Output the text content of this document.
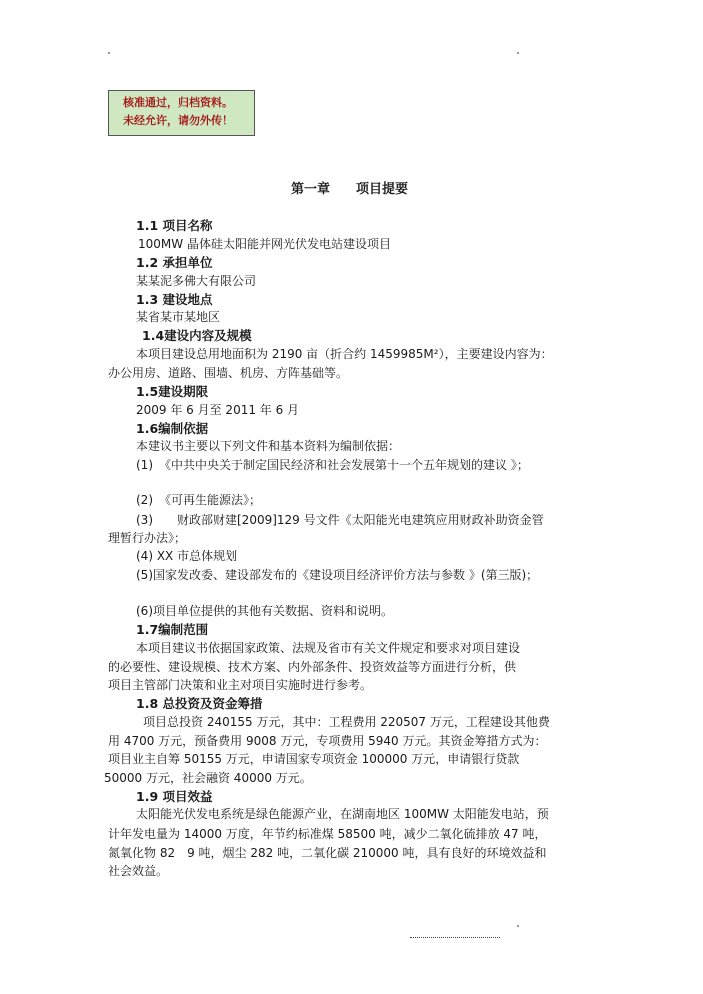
核准通过，归档资料。
未经允许，请勿外传！
第一章　　项目提要
1.1 项目名称
100MW 晶体硅太阳能并网光伏发电站建设项目
1.2 承担单位
某某泥多佛大有限公司
1.3 建设地点
某省某市某地区
1.4建设内容及规模
本项目建设总用地面积为 2190 亩（折合约 1459985M²），主要建设内容为：
办公用房、道路、围墙、机房、方阵基础等。
1.5建设期限
2009 年 6 月至 2011 年 6 月
1.6编制依据
本建议书主要以下列文件和基本资料为编制依据：
(1)　《中共中央关于制定国民经济和社会发展第十一个五年规划的建议 》；
(2)　《可再生能源法》；
(3)　　财政部财建[2009]129 号文件《太阳能光电建筑应用财政补助资金管
理暂行办法》；
(4) XX 市总体规划
(5)国家发改委、建设部发布的《建设项目经济评价方法与参数 》(第三版)；
(6)项目单位提供的其他有关数据、资料和说明。
1.7编制范围
本项目建议书依据国家政策、法规及省市有关文件规定和要求对项目建设
的必要性、建设规模、技术方案、内外部条件、投资效益等方面进行分析，供
项目主管部门决策和业主对项目实施时进行参考。
1.8 总投资及资金筹措
项目总投资 240155 万元，其中：工程费用 220507 万元，工程建设其他费
用 4700 万元，预备费用 9008 万元，专项费用 5940 万元。其资金筹措方式为：
项目业主自筹 50155 万元，申请国家专项资金 100000 万元，申请银行贷款
50000 万元，社会融资 40000 万元。
1.9 项目效益
太阳能光伏发电系统是绿色能源产业，在湖南地区 100MW 太阳能发电站，预
计年发电量为 14000 万度，年节约标准煤 58500 吨，减少二氧化硫排放 47 吨，
氮氧化物 82　9 吨，烟尘 282 吨，二氧化碳 210000 吨，具有良好的环境效益和
社会效益。
